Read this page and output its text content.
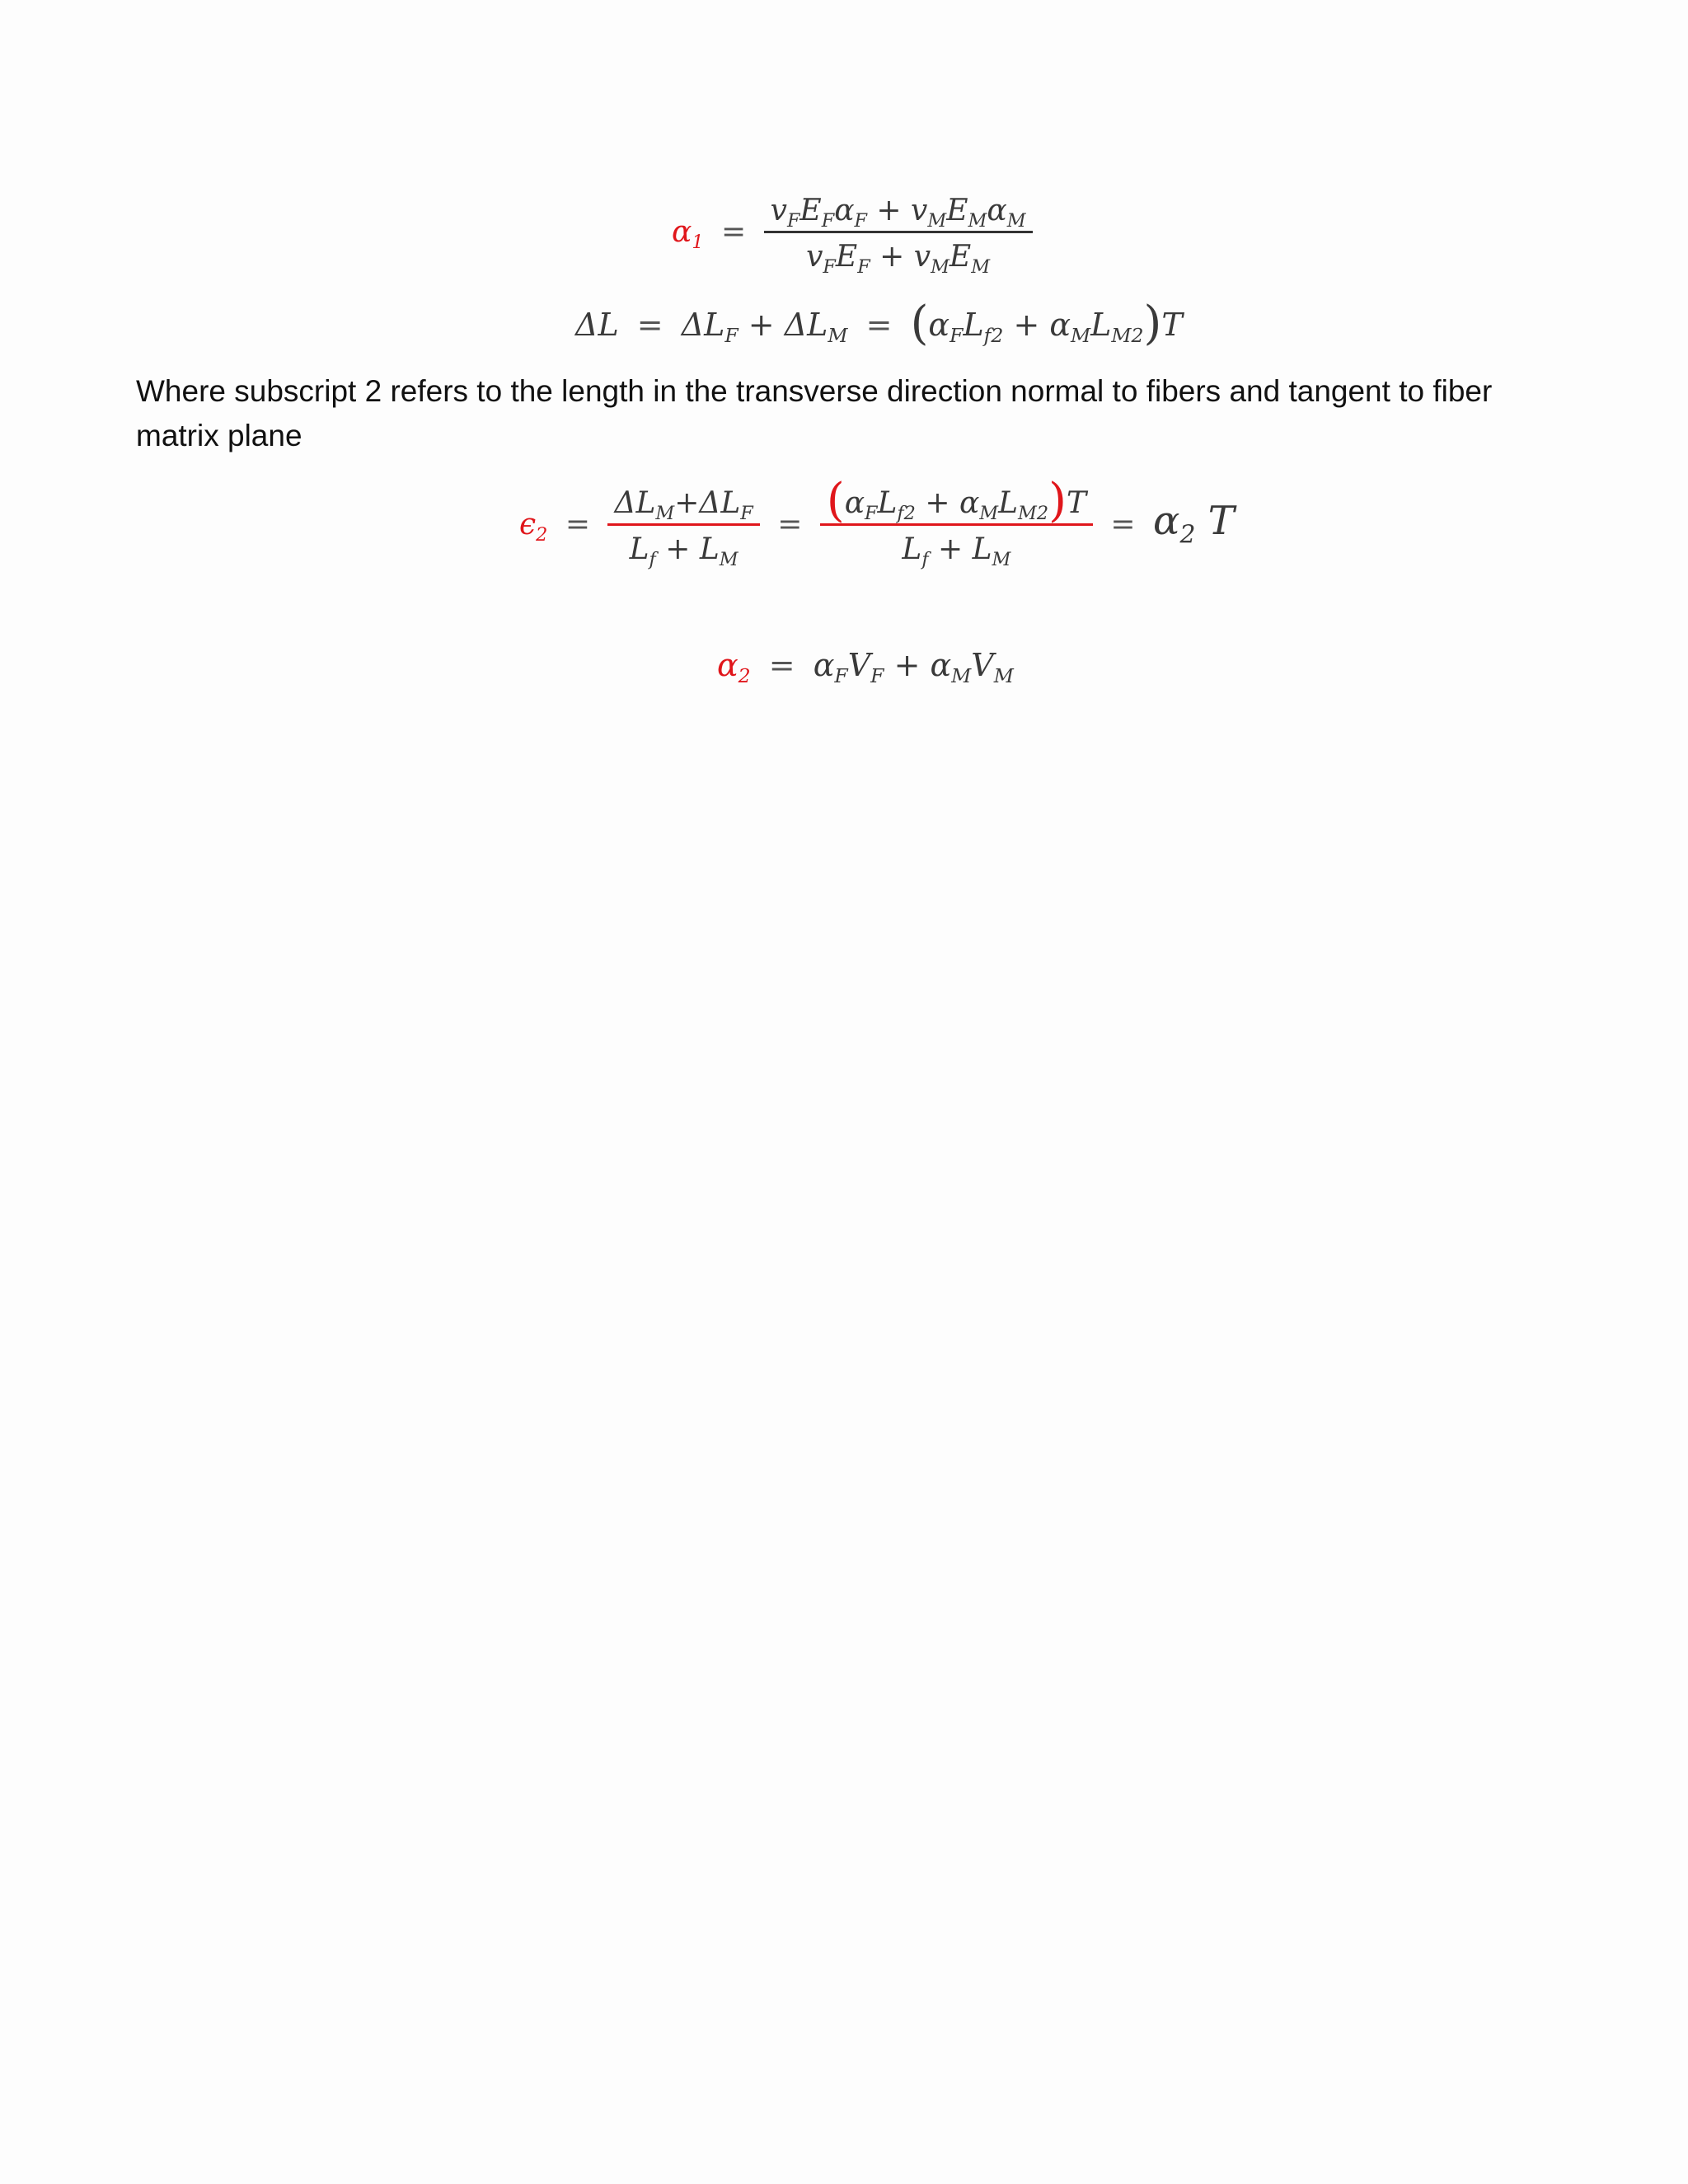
$\alpha_1 = \frac{v_FE_F\alpha_F + v_ME_M\alpha_M}{v_FE_F + v_ME_M}$
$\Delta L = \Delta L_F + \Delta L_M = (\alpha_FL_{f2} + \alpha_ML_{M2})T$
Where subscript 2 refers to the length in the transverse direction normal to fibers and tangent to fiber matrix plane
$\epsilon_2 = \frac{\Delta L_M+\Delta L_F}{L_f + L_M} = \frac{(\alpha_FL_{f2} + \alpha_ML_{M2})T}{L_f + L_M} = \alpha_2$ T
$\alpha_2 = \alpha_FV_F + \alpha_MV_M$
